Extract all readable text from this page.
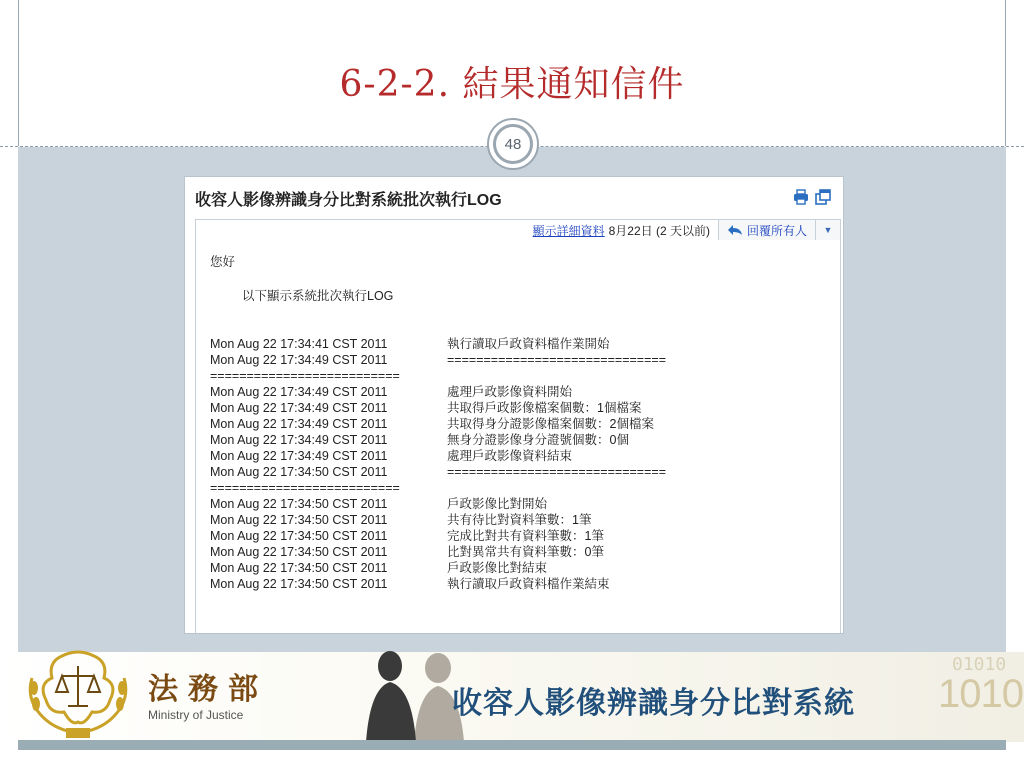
6-2-2. 結果通知信件
48
收容人影像辨識身分比對系統批次執行LOG
顯示詳細資料 8月22日 (2 天以前)	回覆所有人 ▼
您好
以下顯示系統批次執行LOG
Mon Aug 22 17:34:41 CST 2011	執行讀取戶政資料檔作業開始
Mon Aug 22 17:34:49 CST 2011	==============================
==========================
Mon Aug 22 17:34:49 CST 2011	處理戶政影像資料開始
Mon Aug 22 17:34:49 CST 2011	共取得戶政影像檔案個數：1個檔案
Mon Aug 22 17:34:49 CST 2011	共取得身分證影像檔案個數：2個檔案
Mon Aug 22 17:34:49 CST 2011	無身分證影像身分證號個數：0個
Mon Aug 22 17:34:49 CST 2011	處理戶政影像資料結束
Mon Aug 22 17:34:50 CST 2011	==============================
==========================
Mon Aug 22 17:34:50 CST 2011	戶政影像比對開始
Mon Aug 22 17:34:50 CST 2011	共有待比對資料筆數：1筆
Mon Aug 22 17:34:50 CST 2011	完成比對共有資料筆數：1筆
Mon Aug 22 17:34:50 CST 2011	比對異常共有資料筆數：0筆
Mon Aug 22 17:34:50 CST 2011	戶政影像比對結束
Mon Aug 22 17:34:50 CST 2011	執行讀取戶政資料檔作業結束
法務部
Ministry of Justice	收容人影像辨識身分比對系統
01010
1010
